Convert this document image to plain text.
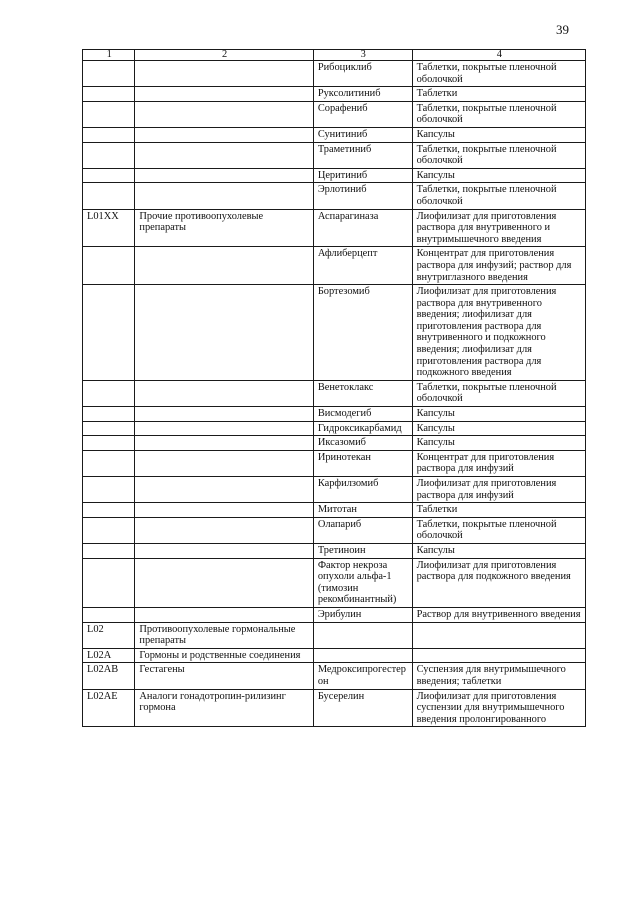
39
1	2	3	4
		Рибоциклиб	Таблетки, покрытые пленочной оболочкой
		Руксолитиниб	Таблетки
		Сорафениб	Таблетки, покрытые пленочной оболочкой
		Сунитиниб	Капсулы
		Траметиниб	Таблетки, покрытые пленочной оболочкой
		Церитиниб	Капсулы
		Эрлотиниб	Таблетки, покрытые пленочной оболочкой
L01XX	Прочие противоопухолевые препараты	Аспарагиназа	Лиофилизат для приготовления раствора для внутривенного и внутримышечного введения
		Афлиберцепт	Концентрат для приготовления раствора для инфузий; раствор для внутриглазного введения
		Бортезомиб	Лиофилизат для приготовления раствора для внутривенного введения; лиофилизат для приготовления раствора для внутривенного и подкожного введения; лиофилизат для приготовления раствора для подкожного введения
		Венетоклакс	Таблетки, покрытые пленочной оболочкой
		Висмодегиб	Капсулы
		Гидроксикарбамид	Капсулы
		Иксазомиб	Капсулы
		Иринотекан	Концентрат для приготовления раствора для инфузий
		Карфилзомиб	Лиофилизат для приготовления раствора для инфузий
		Митотан	Таблетки
		Олапариб	Таблетки, покрытые пленочной оболочкой
		Третиноин	Капсулы
		Фактор некроза опухоли альфа-1 (тимозин рекомбинантный)	Лиофилизат для приготовления раствора для подкожного введения
		Эрибулин	Раствор для внутривенного введения
L02	Противоопухолевые гормональные препараты		
L02A	Гормоны и родственные соединения		
L02AB	Гестагены	Медроксипрогестерон	Суспензия для внутримышечного введения; таблетки
L02AE	Аналоги гонадотропин-рилизинг гормона	Бусерелин	Лиофилизат для приготовления суспензии для внутримышечного введения пролонгированного
